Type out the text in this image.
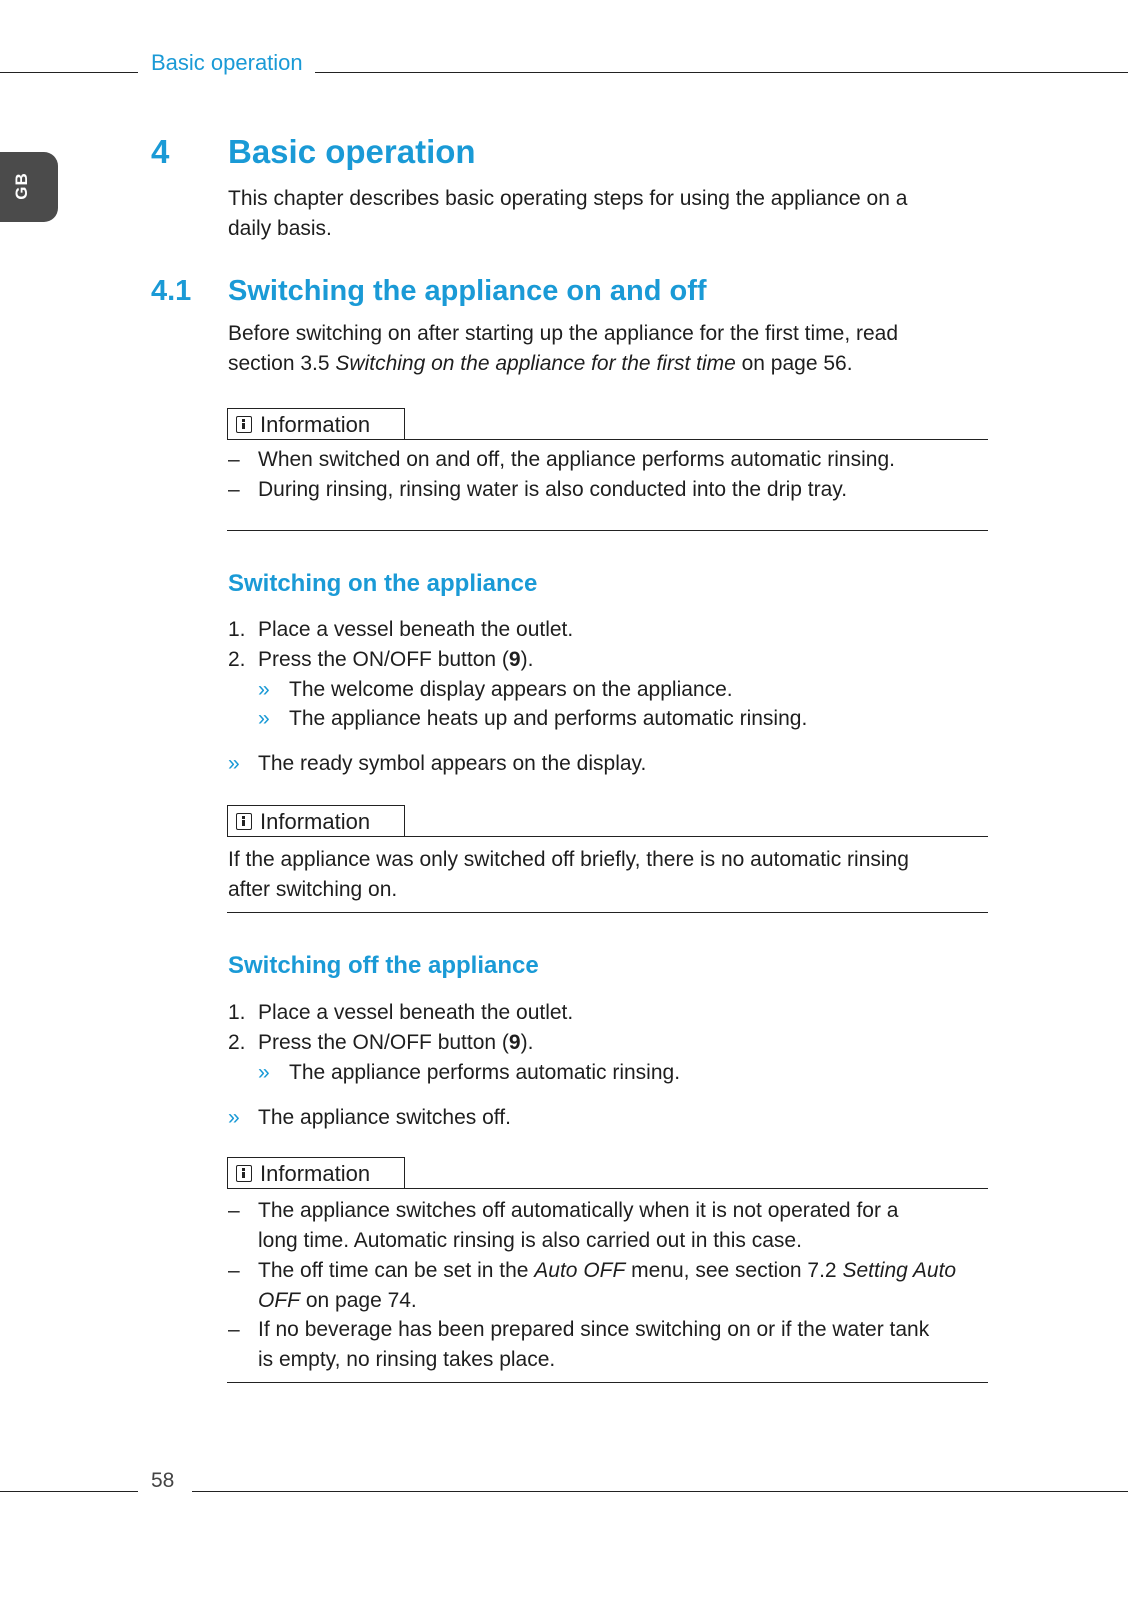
Basic operation
GB
4 Basic operation
This chapter describes basic operating steps for using the appliance on a
daily basis.
4.1 Switching the appliance on and off
Before switching on after starting up the appliance for the first time, read
section 3.5 Switching on the appliance for the first time on page 56.
Information
– When switched on and off, the appliance performs automatic rinsing.
– During rinsing, rinsing water is also conducted into the drip tray.
Switching on the appliance
1. Place a vessel beneath the outlet.
2. Press the ON/OFF button (9).
» The welcome display appears on the appliance.
» The appliance heats up and performs automatic rinsing.
» The ready symbol appears on the display.
Information
If the appliance was only switched off briefly, there is no automatic rinsing
after switching on.
Switching off the appliance
1. Place a vessel beneath the outlet.
2. Press the ON/OFF button (9).
» The appliance performs automatic rinsing.
» The appliance switches off.
Information
– The appliance switches off automatically when it is not operated for a
long time. Automatic rinsing is also carried out in this case.
– The off time can be set in the Auto OFF menu, see section 7.2 Setting Auto
OFF on page 74.
– If no beverage has been prepared since switching on or if the water tank
is empty, no rinsing takes place.
58
